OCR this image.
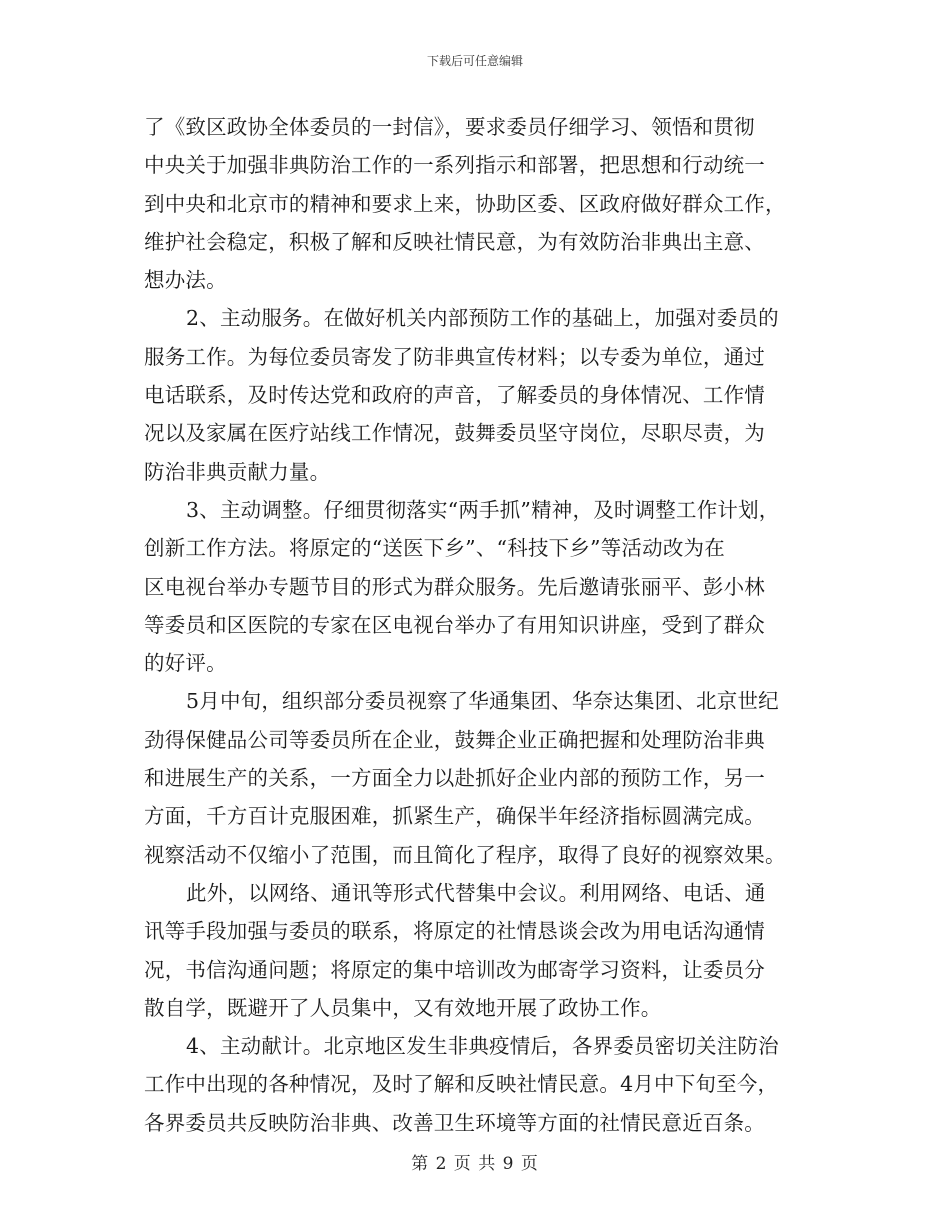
下载后可任意编辑
了《致区政协全体委员的一封信》，要求委员仔细学习、领悟和贯彻
中央关于加强非典防治工作的一系列指示和部署，把思想和行动统一
到中央和北京市的精神和要求上来，协助区委、区政府做好群众工作，
维护社会稳定，积极了解和反映社情民意，为有效防治非典出主意、
想办法。
2、主动服务。在做好机关内部预防工作的基础上，加强对委员的
服务工作。为每位委员寄发了防非典宣传材料；以专委为单位，通过
电话联系，及时传达党和政府的声音，了解委员的身体情况、工作情
况以及家属在医疗站线工作情况，鼓舞委员坚守岗位，尽职尽责，为
防治非典贡献力量。
3、主动调整。仔细贯彻落实“两手抓”精神，及时调整工作计划，
创新工作方法。将原定的“送医下乡”、“科技下乡”等活动改为在
区电视台举办专题节目的形式为群众服务。先后邀请张丽平、彭小林
等委员和区医院的专家在区电视台举办了有用知识讲座，受到了群众
的好评。
5月中旬，组织部分委员视察了华通集团、华奈达集团、北京世纪
劲得保健品公司等委员所在企业，鼓舞企业正确把握和处理防治非典
和进展生产的关系，一方面全力以赴抓好企业内部的预防工作，另一
方面，千方百计克服困难，抓紧生产，确保半年经济指标圆满完成。
视察活动不仅缩小了范围，而且简化了程序，取得了良好的视察效果。
此外，以网络、通讯等形式代替集中会议。利用网络、电话、通
讯等手段加强与委员的联系，将原定的社情恳谈会改为用电话沟通情
况，书信沟通问题；将原定的集中培训改为邮寄学习资料，让委员分
散自学，既避开了人员集中，又有效地开展了政协工作。
4、主动献计。北京地区发生非典疫情后，各界委员密切关注防治
工作中出现的各种情况，及时了解和反映社情民意。4月中下旬至今，
各界委员共反映防治非典、改善卫生环境等方面的社情民意近百条。
第 2 页 共 9 页
